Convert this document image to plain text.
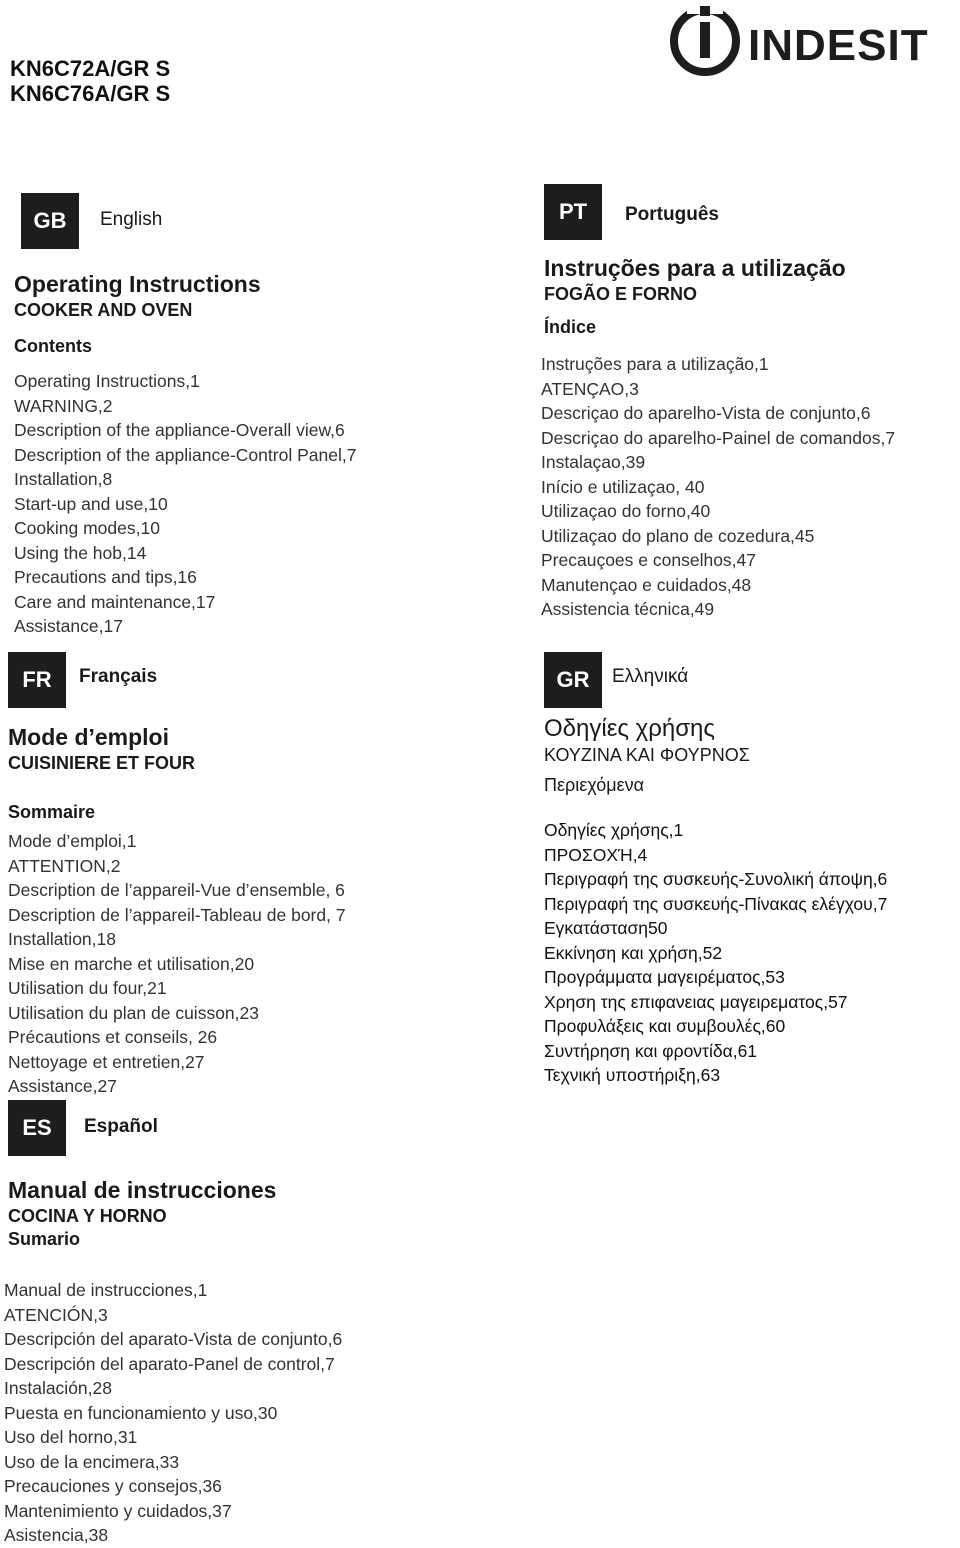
KN6C72A/GR S
KN6C76A/GR S
INDESIT
GB	English
Operating Instructions
COOKER AND OVEN
Contents
Operating Instructions,1
WARNING,2
Description of the appliance-Overall view,6
Description of the appliance-Control Panel,7
Installation,8
Start-up and use,10
Cooking modes,10
Using the hob,14
Precautions and tips,16
Care and maintenance,17
Assistance,17
FR	Français
Mode d’emploi
CUISINIERE ET FOUR
Sommaire
Mode d’emploi,1
ATTENTION,2
Description de l’appareil-Vue d’ensemble, 6
Description de l’appareil-Tableau de bord, 7
Installation,18
Mise en marche et utilisation,20
Utilisation du four,21
Utilisation du plan de cuisson,23
Précautions et conseils, 26
Nettoyage et entretien,27
Assistance,27
ES	Español
Manual de instrucciones
COCINA Y HORNO
Sumario
Manual de instrucciones,1
ATENCIÓN,3
Descripción del aparato-Vista de conjunto,6
Descripción del aparato-Panel de control,7
Instalación,28
Puesta en funcionamiento y uso,30
Uso del horno,31
Uso de la encimera,33
Precauciones y consejos,36
Mantenimiento y cuidados,37
Asistencia,38
PT	Português
Instruções para a utilização
FOGÃO E FORNO
Índice
Instruções para a utilização,1
ATENÇAO,3
Descriçao do aparelho-Vista de conjunto,6
Descriçao do aparelho-Painel de comandos,7
Instalaçao,39
Início e utilizaçao, 40
Utilizaçao do forno,40
Utilizaçao do plano de cozedura,45
Precauçoes e conselhos,47
Manutençao e cuidados,48
Assistencia técnica,49
GR	Ελληνικά
Οδηγίες χρήσης
ΚΟΥΖΙΝΑ ΚΑΙ ΦΟΥΡΝΟΣ
Περιεχόμενα
Οδηγίες χρήσης,1
ΠΡΟΣΟΧΉ,4
Περιγραφή της συσκευής-Συνολική άποψη,6
Περιγραφή της συσκευής-Πίνακας ελέγχου,7
Εγκατάσταση50
Εκκίνηση και χρήση,52
Προγράμματα μαγειρέματος,53
Χρηση της επιφανειας μαγειρεματος,57
Προφυλάξεις και συμβουλές,60
Συντήρηση και φροντίδα,61
Τεχνική υποστήριξη,63
